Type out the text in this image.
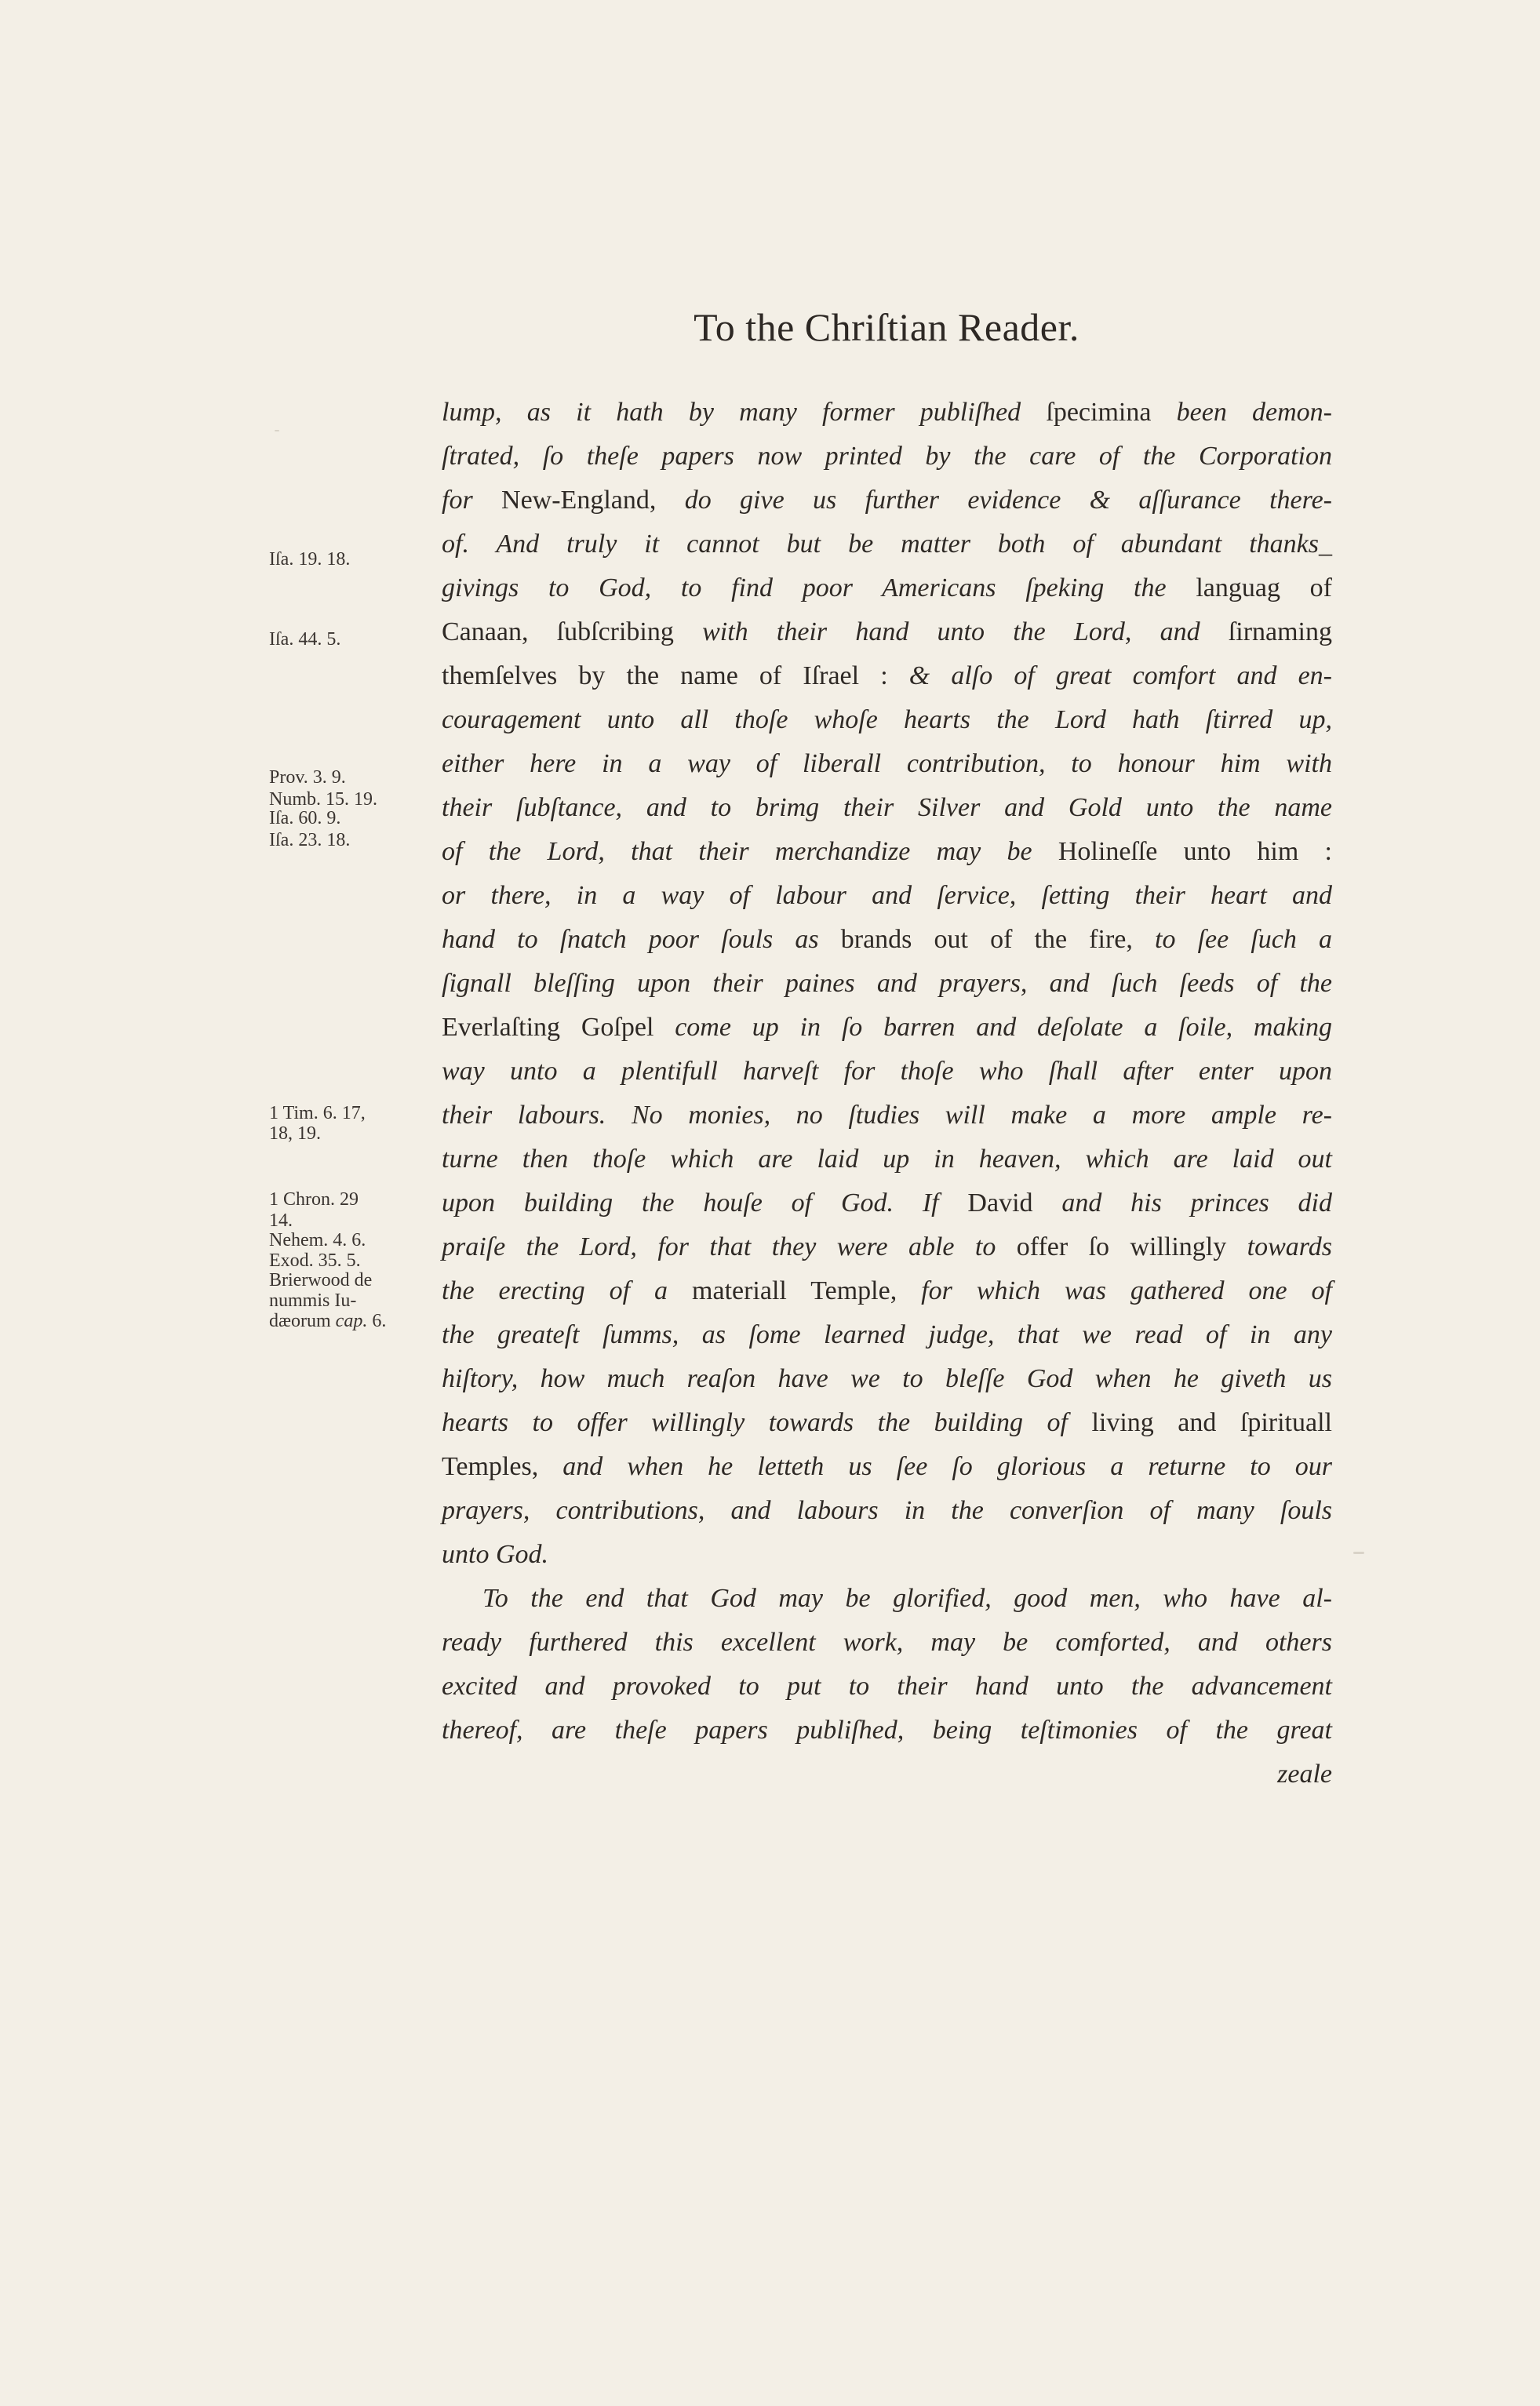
To the Chriſtian Reader.
Iſa. 19. 18.
Iſa. 44. 5.
Prov. 3. 9.
Numb. 15. 19.
Iſa. 60. 9.
Iſa. 23. 18.
1 Tim. 6. 17,
18, 19.
1 Chron. 29
14.
Nehem. 4. 6.
Exod. 35. 5.
Brierwood de
nummis Iu-
dæorum cap. 6.
lump, as it hath by many former publiſhed ſpecimina been demon-
ſtrated, ſo theſe papers now printed by the care of the Corporation
for New-England, do give us further evidence & aſſurance there-
of. And truly it cannot but be matter both of abundant thanks_
givings to God, to find poor Americans ſpeking the languag of
Canaan, ſubſcribing with their hand unto the Lord, and ſirnaming
themſelves by the name of Iſrael : & alſo of great comfort and en-
couragement unto all thoſe whoſe hearts the Lord hath ſtirred up,
either here in a way of liberall contribution, to honour him with
their ſubſtance, and to brimg their Silver and Gold unto the name
of the Lord, that their merchandize may be Holineſſe unto him :
or there, in a way of labour and ſervice, ſetting their heart and
hand to ſnatch poor ſouls as brands out of the fire, to ſee ſuch a
ſignall bleſſing upon their paines and prayers, and ſuch ſeeds of the
Everlaſting Goſpel come up in ſo barren and deſolate a ſoile, making
way unto a plentifull harveſt for thoſe who ſhall after enter upon
their labours. No monies, no ſtudies will make a more ample re-
turne then thoſe which are laid up in heaven, which are laid out
upon building the houſe of God. If David and his princes did
praiſe the Lord, for that they were able to offer ſo willingly towards
the erecting of a materiall Temple, for which was gathered one of
the greateſt ſumms, as ſome learned judge, that we read of in any
hiſtory, how much reaſon have we to bleſſe God when he giveth us
hearts to offer willingly towards the building of living and ſpirituall
Temples, and when he letteth us ſee ſo glorious a returne to our
prayers, contributions, and labours in the converſion of many ſouls
unto God.
To the end that God may be glorified, good men, who have al-
ready furthered this excellent work, may be comforted, and others
excited and provoked to put to their hand unto the advancement
thereof, are theſe papers publiſhed, being teſtimonies of the great
zeale
